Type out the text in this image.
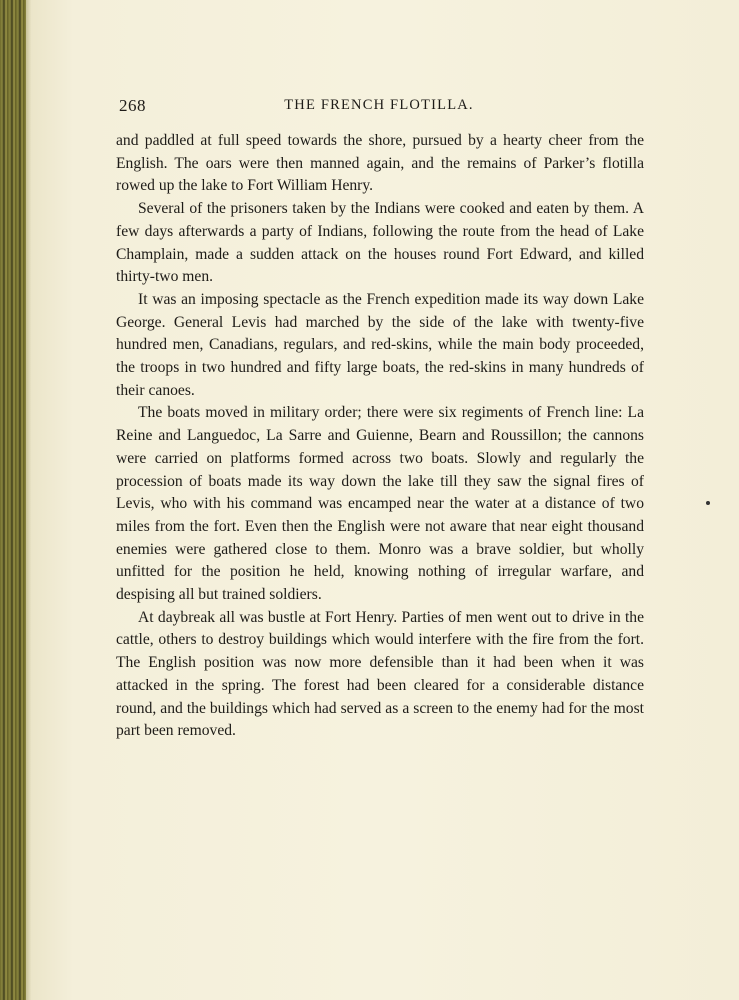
268	THE FRENCH FLOTILLA.

and paddled at full speed towards the shore, pursued by a hearty cheer from the English. The oars were then manned again, and the remains of Parker’s flotilla rowed up the lake to Fort William Henry.

Several of the prisoners taken by the Indians were cooked and eaten by them. A few days afterwards a party of Indians, following the route from the head of Lake Champlain, made a sudden attack on the houses round Fort Edward, and killed thirty-two men.

It was an imposing spectacle as the French expedition made its way down Lake George. General Levis had marched by the side of the lake with twenty-five hundred men, Canadians, regulars, and red-skins, while the main body proceeded, the troops in two hundred and fifty large boats, the red-skins in many hundreds of their canoes.

The boats moved in military order; there were six regiments of French line: La Reine and Languedoc, La Sarre and Guienne, Bearn and Roussillon; the cannons were carried on platforms formed across two boats. Slowly and regularly the procession of boats made its way down the lake till they saw the signal fires of Levis, who with his command was encamped near the water at a distance of two miles from the fort. Even then the English were not aware that near eight thousand enemies were gathered close to them. Monro was a brave soldier, but wholly unfitted for the position he held, knowing nothing of irregular warfare, and despising all but trained soldiers.

At daybreak all was bustle at Fort Henry. Parties of men went out to drive in the cattle, others to destroy buildings which would interfere with the fire from the fort. The English position was now more defensible than it had been when it was attacked in the spring. The forest had been cleared for a considerable distance round, and the buildings which had served as a screen to the enemy had for the most part been removed.
